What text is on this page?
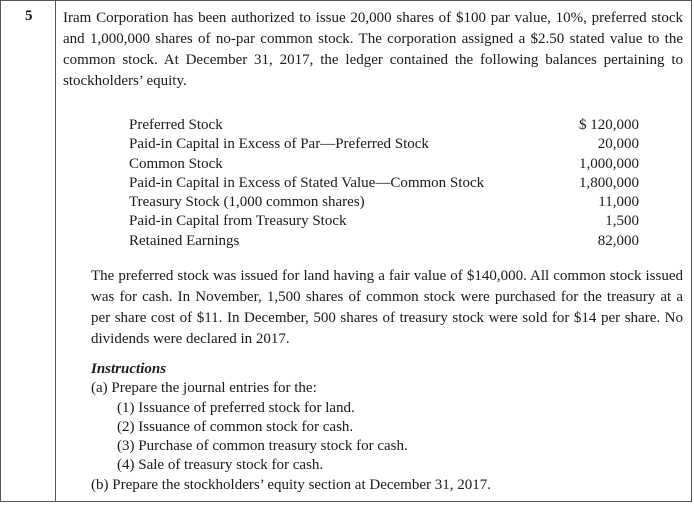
5 Iram Corporation has been authorized to issue 20,000 shares of $100 par value, 10%, preferred stock and 1,000,000 shares of no-par common stock. The corporation assigned a $2.50 stated value to the common stock. At December 31, 2017, the ledger contained the following balances pertaining to stockholders’ equity.

Preferred Stock	$ 120,000
Paid-in Capital in Excess of Par—Preferred Stock	20,000
Common Stock	1,000,000
Paid-in Capital in Excess of Stated Value—Common Stock	1,800,000
Treasury Stock (1,000 common shares)	11,000
Paid-in Capital from Treasury Stock	1,500
Retained Earnings	82,000

The preferred stock was issued for land having a fair value of $140,000. All common stock issued was for cash. In November, 1,500 shares of common stock were purchased for the treasury at a per share cost of $11. In December, 500 shares of treasury stock were sold for $14 per share. No dividends were declared in 2017.

Instructions
(a) Prepare the journal entries for the:
(1) Issuance of preferred stock for land.
(2) Issuance of common stock for cash.
(3) Purchase of common treasury stock for cash.
(4) Sale of treasury stock for cash.
(b) Prepare the stockholders’ equity section at December 31, 2017.
